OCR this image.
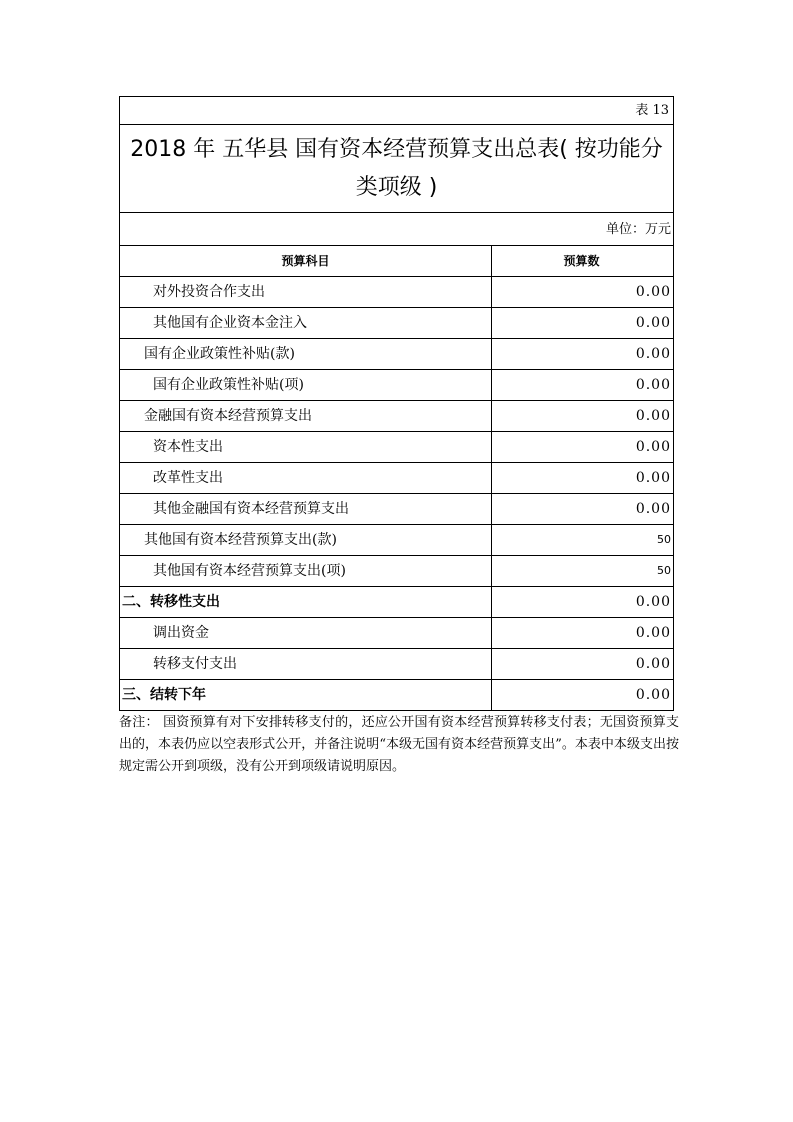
表 13
2018 年 五华县 国有资本经营预算支出总表( 按功能分类项级 )
单位：万元
预算科目	预算数
对外投资合作支出	0.00
其他国有企业资本金注入	0.00
国有企业政策性补贴(款)	0.00
国有企业政策性补贴(项)	0.00
金融国有资本经营预算支出	0.00
资本性支出	0.00
改革性支出	0.00
其他金融国有资本经营预算支出	0.00
其他国有资本经营预算支出(款)	50
其他国有资本经营预算支出(项)	50
二、转移性支出	0.00
调出资金	0.00
转移支付支出	0.00
三、结转下年	0.00
备注： 国资预算有对下安排转移支付的，还应公开国有资本经营预算转移支付表；无国资预算支出的，本表仍应以空表形式公开，并备注说明“本级无国有资本经营预算支出”。本表中本级支出按规定需公开到项级，没有公开到项级请说明原因。
